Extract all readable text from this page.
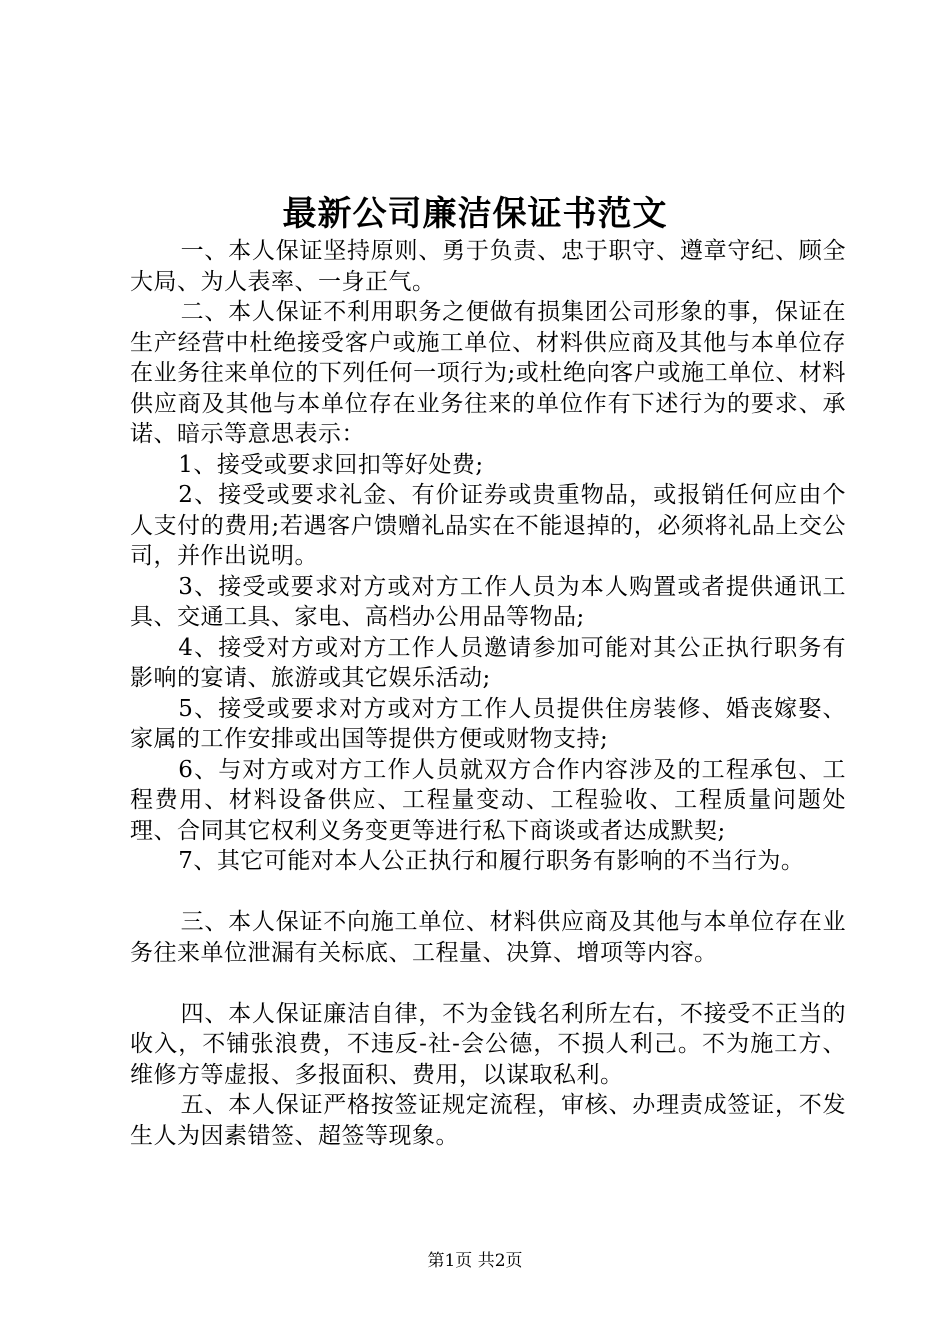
最新公司廉洁保证书范文

一、本人保证坚持原则、勇于负责、忠于职守、遵章守纪、顾全大局、为人表率、一身正气。

二、本人保证不利用职务之便做有损集团公司形象的事，保证在生产经营中杜绝接受客户或施工单位、材料供应商及其他与本单位存在业务往来单位的下列任何一项行为;或杜绝向客户或施工单位、材料供应商及其他与本单位存在业务往来的单位作有下述行为的要求、承诺、暗示等意思表示：

1、接受或要求回扣等好处费;

2、接受或要求礼金、有价证券或贵重物品，或报销任何应由个人支付的费用;若遇客户馈赠礼品实在不能退掉的，必须将礼品上交公司，并作出说明。

3、接受或要求对方或对方工作人员为本人购置或者提供通讯工具、交通工具、家电、高档办公用品等物品;

4、接受对方或对方工作人员邀请参加可能对其公正执行职务有影响的宴请、旅游或其它娱乐活动;

5、接受或要求对方或对方工作人员提供住房装修、婚丧嫁娶、家属的工作安排或出国等提供方便或财物支持;

6、与对方或对方工作人员就双方合作内容涉及的工程承包、工程费用、材料设备供应、工程量变动、工程验收、工程质量问题处理、合同其它权利义务变更等进行私下商谈或者达成默契;

7、其它可能对本人公正执行和履行职务有影响的不当行为。

三、本人保证不向施工单位、材料供应商及其他与本单位存在业务往来单位泄漏有关标底、工程量、决算、增项等内容。

四、本人保证廉洁自律，不为金钱名利所左右，不接受不正当的收入，不铺张浪费，不违反-社-会公德，不损人利己。不为施工方、维修方等虚报、多报面积、费用，以谋取私利。

五、本人保证严格按签证规定流程，审核、办理责成签证，不发生人为因素错签、超签等现象。

第1页 共2页
